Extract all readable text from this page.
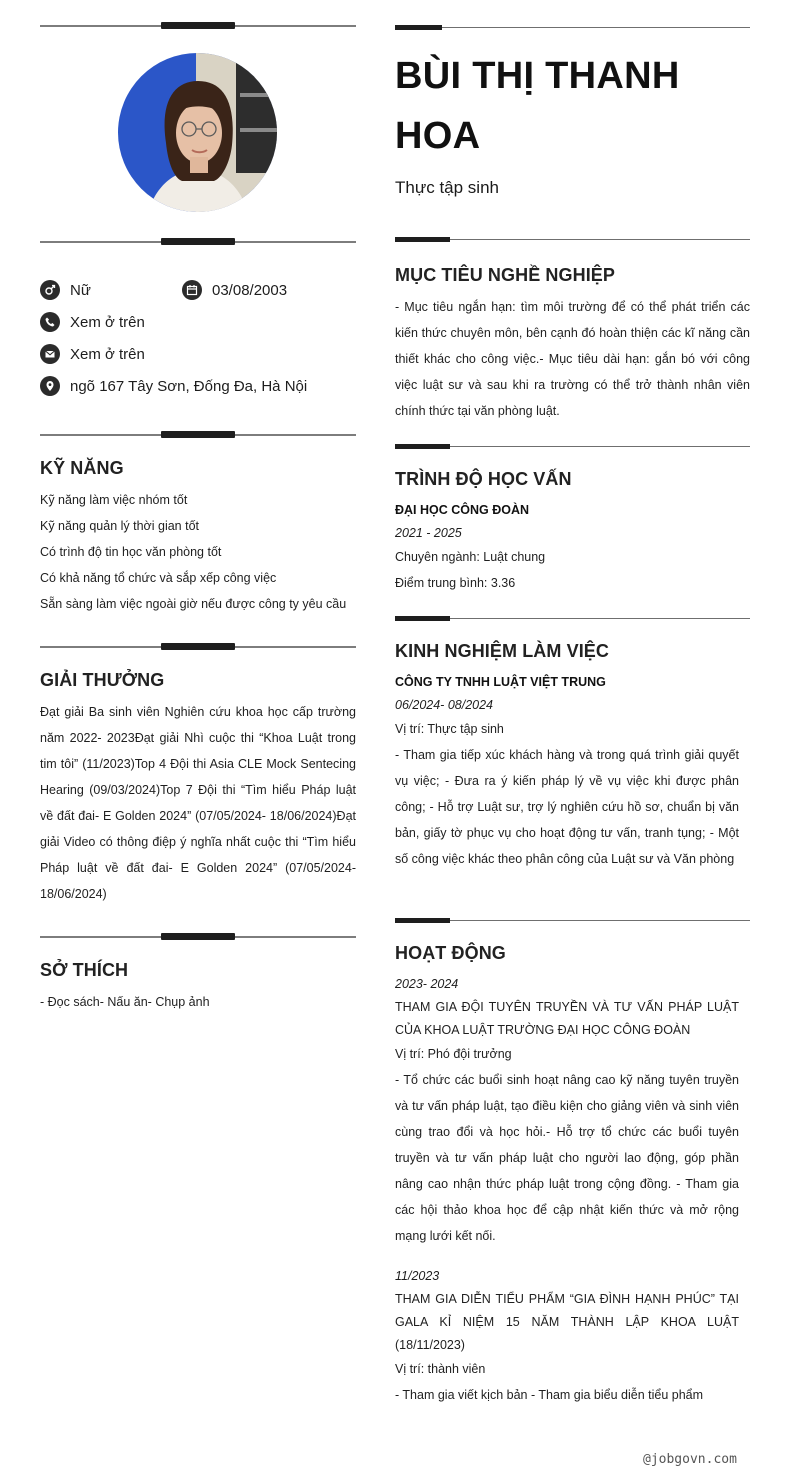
Nữ	03/08/2003
Xem ở trên
Xem ở trên
ngõ 167 Tây Sơn, Đống Đa, Hà Nội
KỸ NĂNG
Kỹ năng làm việc nhóm tốt
Kỹ năng quản lý thời gian tốt
Có trình độ tin học văn phòng tốt
Có khả năng tổ chức và sắp xếp công việc
Sẵn sàng làm việc ngoài giờ nếu được công ty yêu cầu
GIẢI THƯỞNG
Đạt giải Ba sinh viên Nghiên cứu khoa học cấp trường năm 2022- 2023Đạt giải Nhì cuộc thi “Khoa Luật trong tim tôi” (11/2023)Top 4 Đội thi Asia CLE Mock Sentecing Hearing (09/03/2024)Top 7 Đội thi “Tìm hiểu Pháp luật về đất đai- E Golden 2024” (07/05/2024- 18/06/2024)Đạt giải Video có thông điệp ý nghĩa nhất cuộc thi “Tìm hiểu Pháp luật về đất đai- E Golden 2024” (07/05/2024- 18/06/2024)
SỞ THÍCH
- Đọc sách- Nấu ăn- Chụp ảnh
BÙI THỊ THANH HOA
Thực tập sinh
MỤC TIÊU NGHỀ NGHIỆP
- Mục tiêu ngắn hạn: tìm môi trường để có thể phát triển các kiến thức chuyên môn, bên cạnh đó hoàn thiện các kĩ năng cần thiết khác cho công việc.- Mục tiêu dài hạn: gắn bó với công việc luật sư và sau khi ra trường có thể trở thành nhân viên chính thức tại văn phòng luật.
TRÌNH ĐỘ HỌC VẤN
ĐẠI HỌC CÔNG ĐOÀN
2021 - 2025
Chuyên ngành: Luật chung
Điểm trung bình: 3.36
KINH NGHIỆM LÀM VIỆC
CÔNG TY TNHH LUẬT VIỆT TRUNG
06/2024- 08/2024
Vị trí: Thực tập sinh
- Tham gia tiếp xúc khách hàng và trong quá trình giải quyết vụ việc; - Đưa ra ý kiến pháp lý về vụ việc khi được phân công; - Hỗ trợ Luật sư, trợ lý nghiên cứu hồ sơ, chuẩn bị văn bản, giấy tờ phục vụ cho hoạt động tư vấn, tranh tụng; - Một số công việc khác theo phân công của Luật sư và Văn phòng
HOẠT ĐỘNG
2023- 2024
THAM GIA ĐỘI TUYÊN TRUYỀN VÀ TƯ VẤN PHÁP LUẬT CỦA KHOA LUẬT TRƯỜNG ĐẠI HỌC CÔNG ĐOÀN
Vị trí: Phó đội trưởng
- Tổ chức các buổi sinh hoạt nâng cao kỹ năng tuyên truyền và tư vấn pháp luật, tạo điều kiện cho giảng viên và sinh viên cùng trao đổi và học hỏi.- Hỗ trợ tổ chức các buổi tuyên truyền và tư vấn pháp luật cho người lao động, góp phần nâng cao nhận thức pháp luật trong cộng đồng. - Tham gia các hội thảo khoa học để cập nhật kiến thức và mở rộng mạng lưới kết nối.
11/2023
THAM GIA DIỄN TIỂU PHẨM “GIA ĐÌNH HẠNH PHÚC” TẠI GALA KỈ NIỆM 15 NĂM THÀNH LẬP KHOA LUẬT (18/11/2023)
Vị trí: thành viên
- Tham gia viết kịch bản - Tham gia biểu diễn tiểu phẩm
@jobgovn.com
